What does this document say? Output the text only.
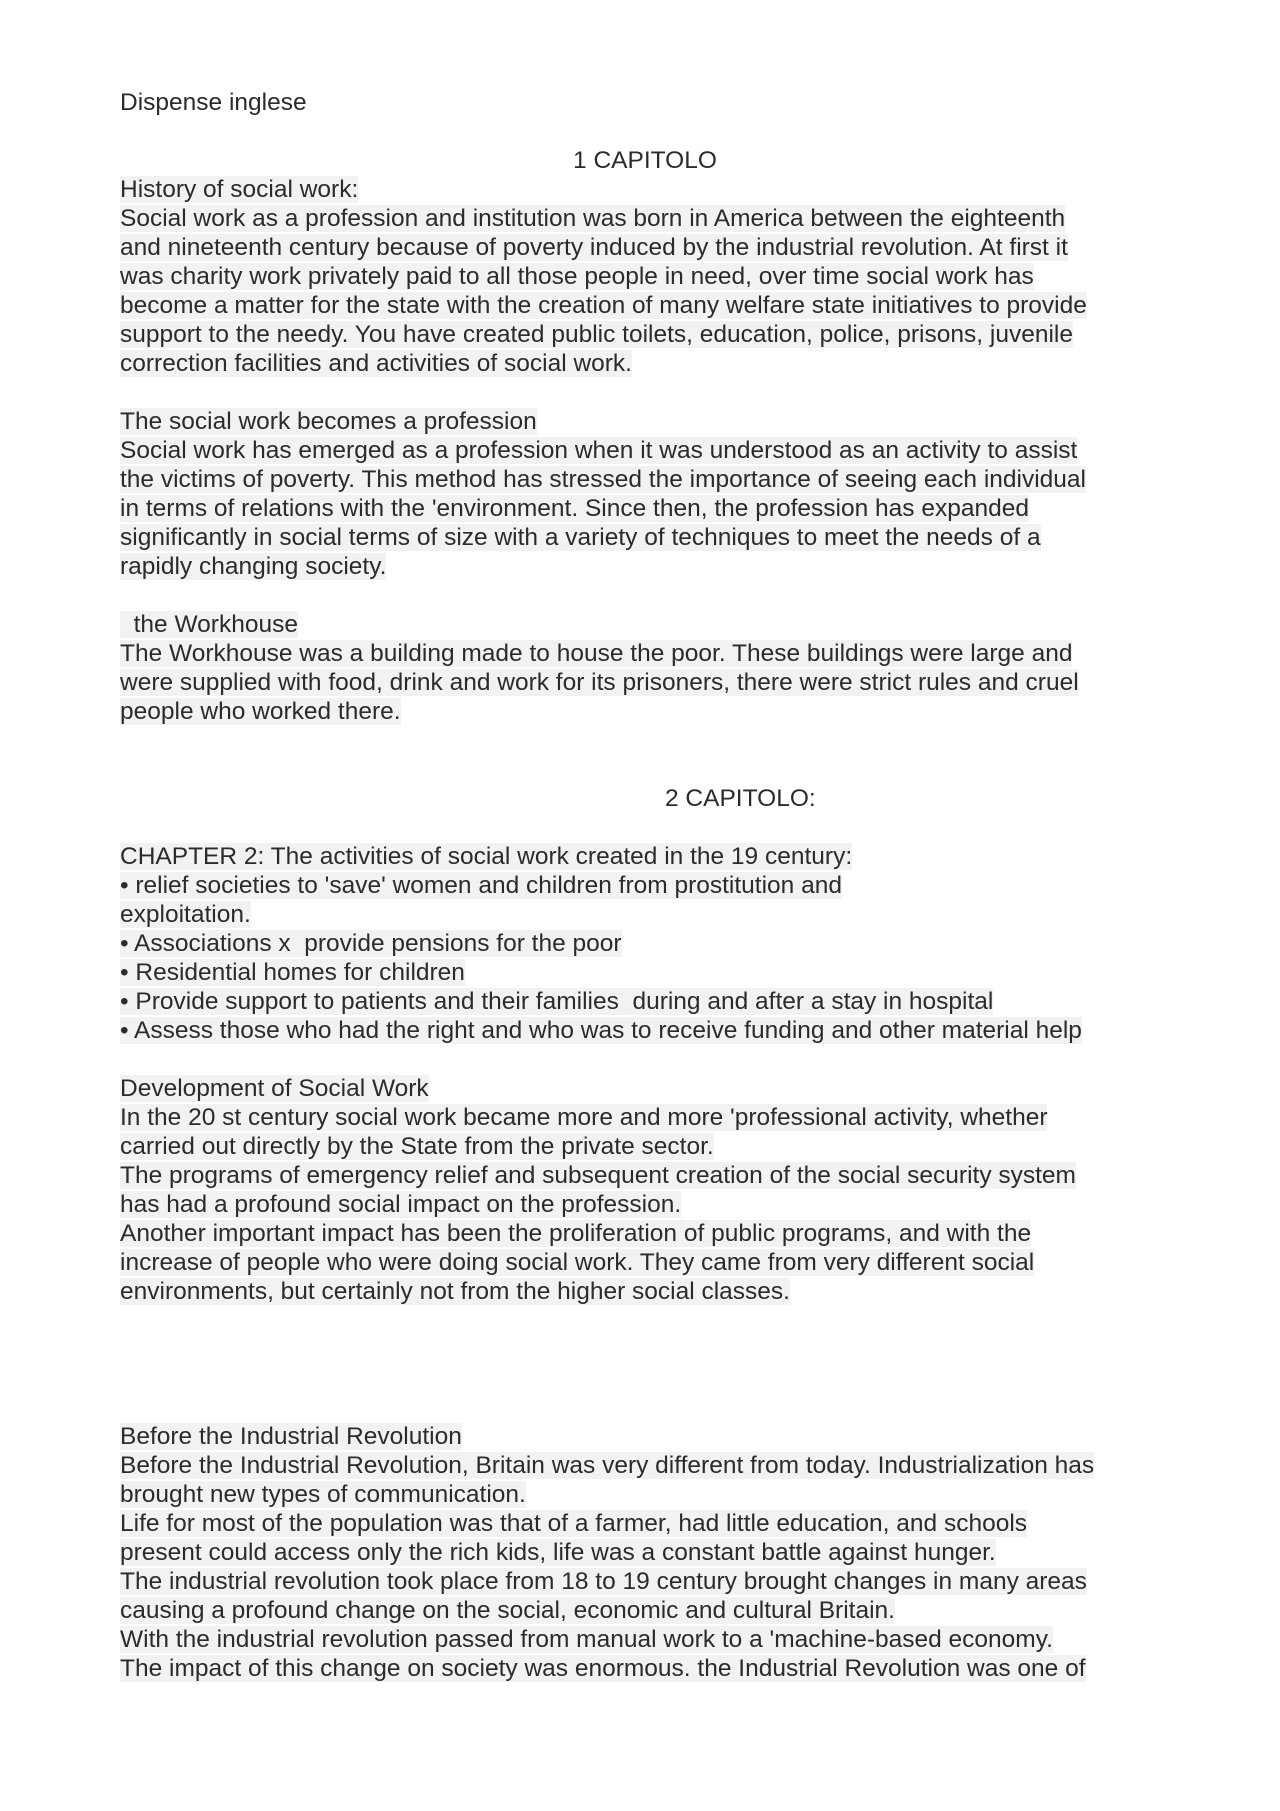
Dispense inglese
1 CAPITOLO
History of social work:
Social work as a profession and institution was born in America between the eighteenth
and nineteenth century because of poverty induced by the industrial revolution. At first it
was charity work privately paid to all those people in need, over time social work has
become a matter for the state with the creation of many welfare state initiatives to provide
support to the needy. You have created public toilets, education, police, prisons, juvenile
correction facilities and activities of social work.
The social work becomes a profession
Social work has emerged as a profession when it was understood as an activity to assist
the victims of poverty. This method has stressed the importance of seeing each individual
in terms of relations with the 'environment. Since then, the profession has expanded
significantly in social terms of size with a variety of techniques to meet the needs of a
rapidly changing society.
the Workhouse
The Workhouse was a building made to house the poor. These buildings were large and
were supplied with food, drink and work for its prisoners, there were strict rules and cruel
people who worked there.
2 CAPITOLO:
CHAPTER 2: The activities of social work created in the 19 century:
• relief societies to 'save' women and children from prostitution and
exploitation.
• Associations x  provide pensions for the poor
• Residential homes for children
• Provide support to patients and their families  during and after a stay in hospital
• Assess those who had the right and who was to receive funding and other material help
Development of Social Work
In the 20 st century social work became more and more 'professional activity, whether
carried out directly by the State from the private sector.
The programs of emergency relief and subsequent creation of the social security system
has had a profound social impact on the profession.
Another important impact has been the proliferation of public programs, and with the
increase of people who were doing social work. They came from very different social
environments, but certainly not from the higher social classes.
Before the Industrial Revolution
Before the Industrial Revolution, Britain was very different from today. Industrialization has
brought new types of communication.
Life for most of the population was that of a farmer, had little education, and schools
present could access only the rich kids, life was a constant battle against hunger.
The industrial revolution took place from 18 to 19 century brought changes in many areas
causing a profound change on the social, economic and cultural Britain.
With the industrial revolution passed from manual work to a 'machine-based economy.
The impact of this change on society was enormous. the Industrial Revolution was one of
